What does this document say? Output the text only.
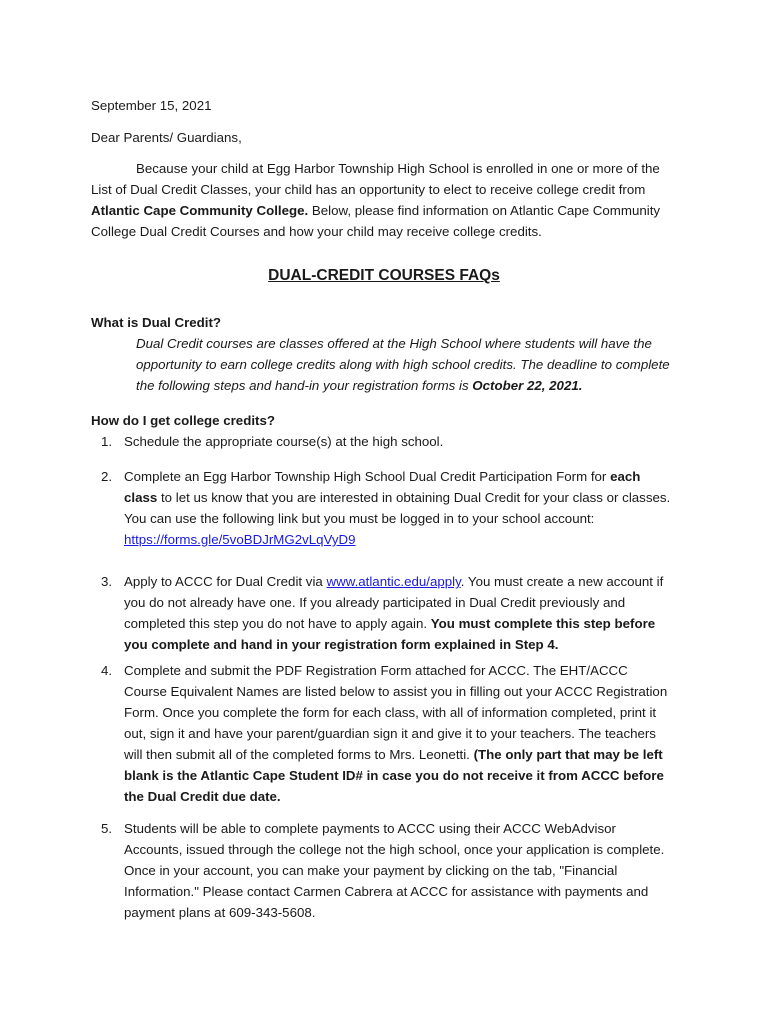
September 15, 2021
Dear Parents/ Guardians,
Because your child at Egg Harbor Township High School is enrolled in one or more of the List of Dual Credit Classes, your child has an opportunity to elect to receive college credit from Atlantic Cape Community College. Below, please find information on Atlantic Cape Community College Dual Credit Courses and how your child may receive college credits.
DUAL-CREDIT COURSES FAQs
What is Dual Credit?
Dual Credit courses are classes offered at the High School where students will have the opportunity to earn college credits along with high school credits. The deadline to complete the following steps and hand-in your registration forms is October 22, 2021.
How do I get college credits?
1. Schedule the appropriate course(s) at the high school.
2. Complete an Egg Harbor Township High School Dual Credit Participation Form for each class to let us know that you are interested in obtaining Dual Credit for your class or classes. You can use the following link but you must be logged in to your school account:
https://forms.gle/5voBDJrMG2vLqVyD9
3. Apply to ACCC for Dual Credit via www.atlantic.edu/apply. You must create a new account if you do not already have one. If you already participated in Dual Credit previously and completed this step you do not have to apply again. You must complete this step before you complete and hand in your registration form explained in Step 4.
4. Complete and submit the PDF Registration Form attached for ACCC. The EHT/ACCC Course Equivalent Names are listed below to assist you in filling out your ACCC Registration Form. Once you complete the form for each class, with all of information completed, print it out, sign it and have your parent/guardian sign it and give it to your teachers. The teachers will then submit all of the completed forms to Mrs. Leonetti. (The only part that may be left blank is the Atlantic Cape Student ID# in case you do not receive it from ACCC before the Dual Credit due date.
5. Students will be able to complete payments to ACCC using their ACCC WebAdvisor Accounts, issued through the college not the high school, once your application is complete. Once in your account, you can make your payment by clicking on the tab, "Financial Information." Please contact Carmen Cabrera at ACCC for assistance with payments and payment plans at 609-343-5608.
